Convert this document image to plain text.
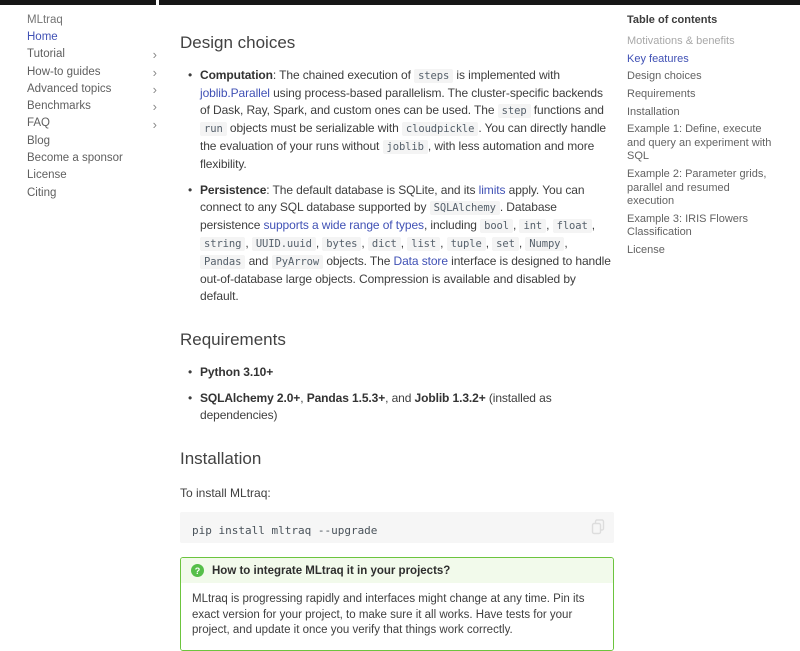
MLtraq
Home
Tutorial	›
How-to guides	›
Advanced topics	›
Benchmarks	›
FAQ	›
Blog
Become a sponsor
License
Citing
Design choices
• Computation: The chained execution of steps is implemented with joblib.Parallel using process-based parallelism. The cluster-specific backends of Dask, Ray, Spark, and custom ones can be used. The step functions and run objects must be serializable with cloudpickle . You can directly handle the evaluation of your runs without joblib , with less automation and more flexibility.
• Persistence: The default database is SQLite, and its limits apply. You can connect to any SQL database supported by SQLAlchemy . Database persistence supports a wide range of types, including bool , int , float , string , UUID.uuid , bytes , dict , list , tuple , set , Numpy , Pandas and PyArrow objects. The Data store interface is designed to handle out-of-database large objects. Compression is available and disabled by default.
Requirements
• Python 3.10+
• SQLAlchemy 2.0+, Pandas 1.5.3+, and Joblib 1.3.2+ (installed as dependencies)
Installation

To install MLtraq:

pip install mltraq --upgrade
?	How to integrate MLtraq it in your projects?
MLtraq is progressing rapidly and interfaces might change at any time. Pin its exact version for your project, to make sure it all works. Have tests for your project, and update it once you verify that things work correctly.
Table of contents
Motivations & benefits
Key features
Design choices
Requirements
Installation
Example 1: Define, execute and query an experiment with SQL
Example 2: Parameter grids, parallel and resumed execution
Example 3: IRIS Flowers Classification
License
